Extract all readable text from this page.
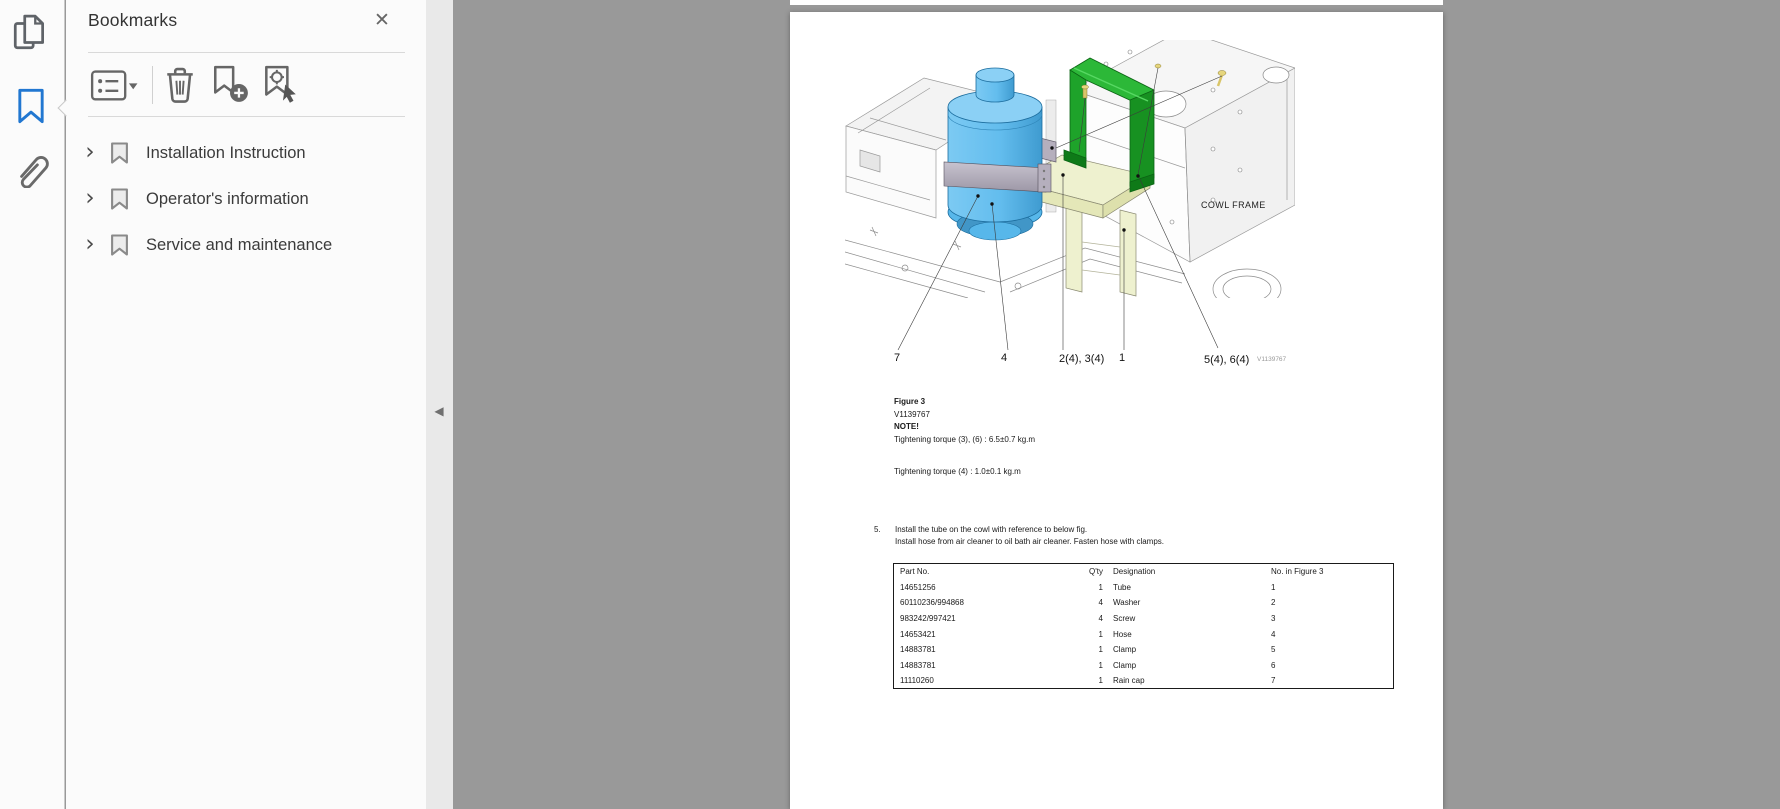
Bookmarks	✕
›	Installation Instruction
›	Operator's information
›	Service and maintenance
◀
COWL FRAME
7	4	2(4), 3(4) 1	5(4), 6(4) V1139767
Figure 3
V1139767
NOTE!
Tightening torque (3), (6) : 6.5±0.7 kg.m
Tightening torque (4) : 1.0±0.1 kg.m
5.	Install the tube on the cowl with reference to below fig.
Install hose from air cleaner to oil bath air cleaner. Fasten hose with clamps.
Part No.	Q'ty	Designation	No. in Figure 3
14651256	1	Tube	1
60110236/994868	4	Washer	2
983242/997421	4	Screw	3
14653421	1	Hose	4
14883781	1	Clamp	5
14883781	1	Clamp	6
11110260	1	Rain cap	7
